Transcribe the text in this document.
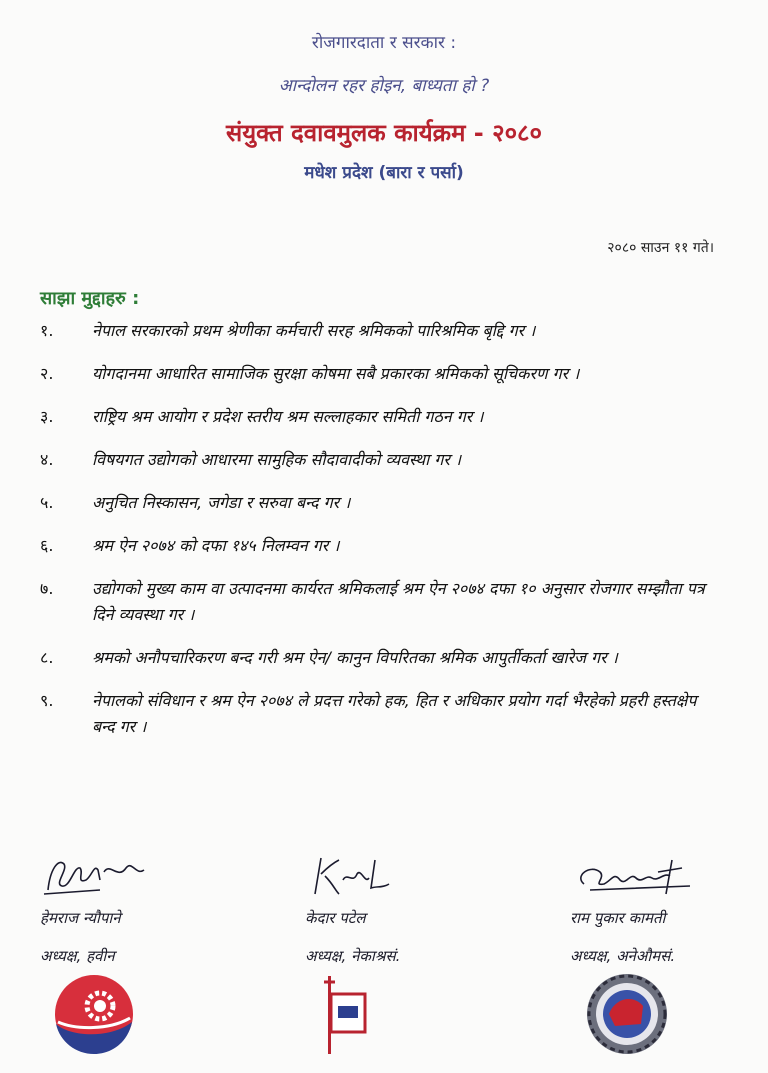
रोजगारदाता र सरकार :
आन्दोलन रहर होइन, बाध्यता हो ?
संयुक्त दवावमुलक कार्यक्रम - २०८०
मधेश प्रदेश (बारा र पर्सा)
२०८० साउन ११ गते।
साझा मुद्दाहरु :
१. नेपाल सरकारको प्रथम श्रेणीका कर्मचारी सरह श्रमिकको पारिश्रमिक बृद्दि गर ।
२. योगदानमा आधारित सामाजिक सुरक्षा कोषमा सबै प्रकारका श्रमिकको सूचिकरण गर ।
३. राष्ट्रिय श्रम आयोग र प्रदेश स्तरीय श्रम सल्लाहकार समिती गठन गर ।
४. विषयगत उद्योगको आधारमा सामुहिक सौदावादीको व्यवस्था गर ।
५. अनुचित निस्कासन, जगेडा र सरुवा बन्द गर ।
६. श्रम ऐन २०७४ को दफा १४५ निलम्वन गर ।
७. उद्योगको मुख्य काम वा उत्पादनमा कार्यरत श्रमिकलाई श्रम ऐन २०७४ दफा १० अनुसार रोजगार सम्झौता पत्र दिने व्यवस्था गर ।
८. श्रमको अनौपचारिकरण बन्द गरी श्रम ऐन/ कानुन विपरितका श्रमिक आपुर्तीकर्ता खारेज गर ।
९. नेपालको संविधान र श्रम ऐन २०७४ ले प्रदत्त गरेको हक, हित र अधिकार प्रयोग गर्दा भैरहेको प्रहरी हस्तक्षेप बन्द गर ।
हेमराज न्यौपाने
अध्यक्ष, हवीन
केदार पटेल
अध्यक्ष, नेकाश्रसं.
राम पुकार कामती
अध्यक्ष, अनेऔमसं.
